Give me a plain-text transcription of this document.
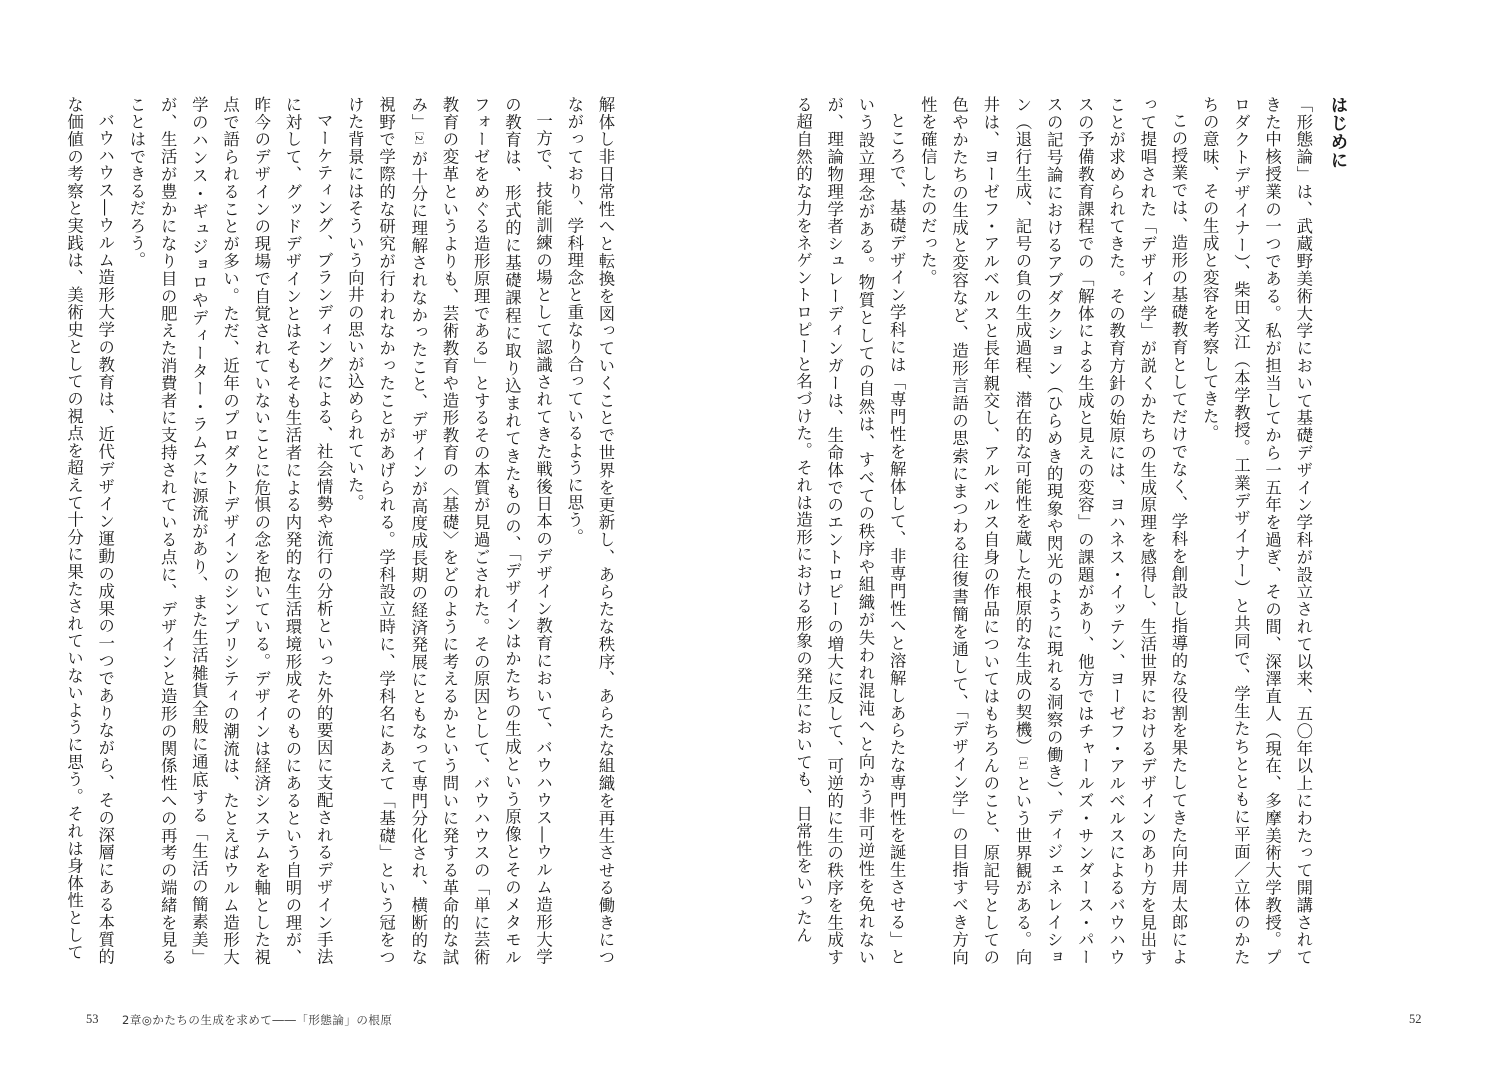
解体し非日常性へと転換を図っていくことで世界を更新し、あらたな秩序、あらたな組織を再生させる働きにつながっており、学科理念と重なり合っているように思う。

一方で、技能訓練の場として認識されてきた戦後日本のデザイン教育において、バウハウス―ウルム造形大学の教育は、形式的に基礎課程に取り込まれてきたものの、「デザインはかたちの生成という原像とそのメタモルフォーゼをめぐる造形原理である」とするその本質が見過ごされた。その原因として、バウハウスの「単に芸術教育の変革というよりも、芸術教育や造形教育の〈基礎〉をどのように考えるかという問いに発する革命的な試み」［2］が十分に理解されなかったこと、デザインが高度成長期の経済発展にともなって専門分化され、横断的な視野で学際的な研究が行われなかったことがあげられる。学科設立時に、学科名にあえて「基礎」という冠をつけた背景にはそういう向井の思いが込められていた。

マーケティング、ブランディングによる、社会情勢や流行の分析といった外的要因に支配されるデザイン手法に対して、グッドデザインとはそもそも生活者による内発的な生活環境形成そのものにあるという自明の理が、昨今のデザインの現場で自覚されていないことに危惧の念を抱いている。デザインは経済システムを軸とした視点で語られることが多い。ただ、近年のプロダクトデザインのシンプリシティの潮流は、たとえばウルム造形大学のハンス・ギュジョロやディーター・ラムスに源流があり、また生活雑貨全般に通底する「生活の簡素美」が、生活が豊かになり目の肥えた消費者に支持されている点に、デザインと造形の関係性への再考の端緒を見ることはできるだろう。

バウハウス―ウルム造形大学の教育は、近代デザイン運動の成果の一つでありながら、その深層にある本質的な価値の考察と実践は、美術史としての視点を超えて十分に果たされていないように思う。それは身体性として

53 2章◎かたちの生成を求めて――「形態論」の根原
はじめに

「形態論」は、武蔵野美術大学において基礎デザイン学科が設立されて以来、五〇年以上にわたって開講されてきた中核授業の一つである。私が担当してから一五年を過ぎ、その間、深澤直人（現在、多摩美術大学教授。プロダクトデザイナー）、柴田文江（本学教授。工業デザイナー）と共同で、学生たちとともに平面／立体のかたちの意味、その生成と変容を考察してきた。

この授業では、造形の基礎教育としてだけでなく、学科を創設し指導的な役割を果たしてきた向井周太郎によって提唱された「デザイン学」が説くかたちの生成原理を感得し、生活世界におけるデザインのあり方を見出すことが求められてきた。その教育方針の始原には、ヨハネス・イッテン、ヨーゼフ・アルベルスによるバウハウスの予備教育課程での「解体による生成と見えの変容」の課題があり、他方ではチャールズ・サンダース・パースの記号論におけるアブダクション（ひらめき的現象や閃光のように現れる洞察の働き）、ディジェネレイション（退行生成、記号の負の生成過程、潜在的な可能性を蔵した根原的な生成の契機）［1］という世界観がある。向井は、ヨーゼフ・アルベルスと長年親交し、アルベルス自身の作品についてはもちろんのこと、原記号としての色やかたちの生成と変容など、造形言語の思索にまつわる往復書簡を通して、「デザイン学」の目指すべき方向性を確信したのだった。

ところで、基礎デザイン学科には「専門性を解体して、非専門性へと溶解しあらたな専門性を誕生させる」という設立理念がある。物質としての自然は、すべての秩序や組織が失われ混沌へと向かう非可逆性を免れないが、理論物理学者シュレーディンガーは、生命体でのエントロピーの増大に反して、可逆的に生の秩序を生成する超自然的な力をネゲントロピーと名づけた。それは造形における形象の発生においても、日常性をいったん

52
